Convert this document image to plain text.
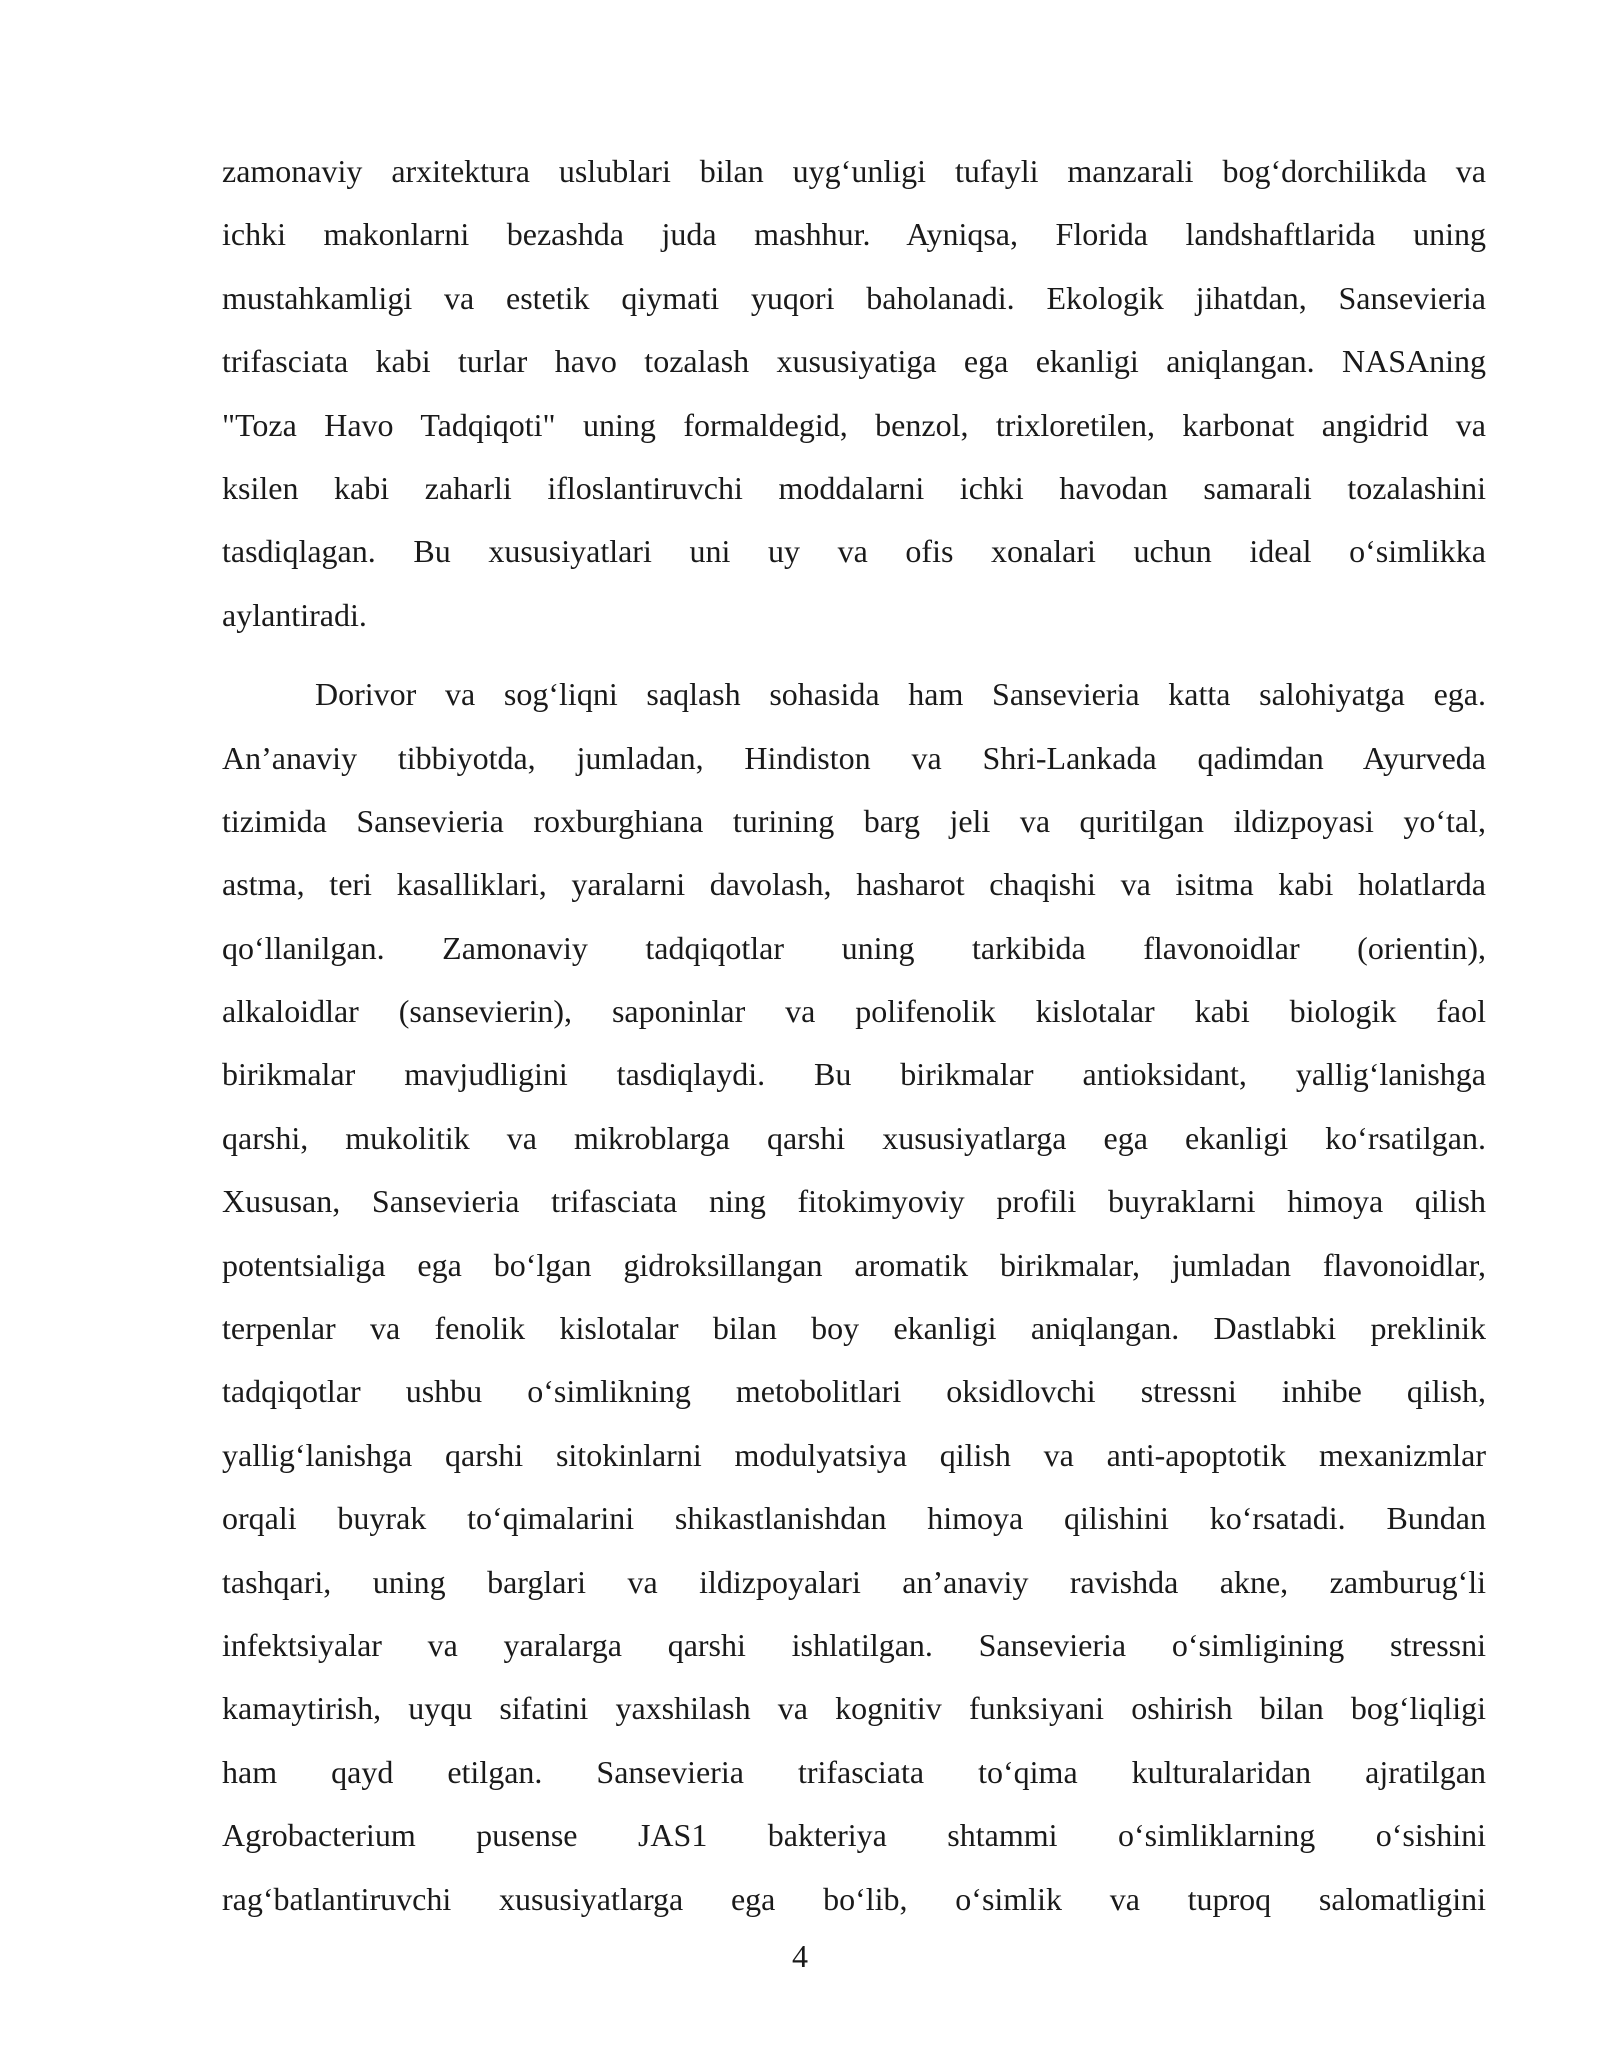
zamonaviy arxitektura uslublari bilan uyg‘unligi tufayli manzarali bog‘dorchilikda va
ichki makonlarni bezashda juda mashhur. Ayniqsa, Florida landshaftlarida uning
mustahkamligi va estetik qiymati yuqori baholanadi. Ekologik jihatdan, Sansevieria
trifasciata kabi turlar havo tozalash xususiyatiga ega ekanligi aniqlangan. NASAning
"Toza Havo Tadqiqoti" uning formaldegid, benzol, trixloretilen, karbonat angidrid va
ksilen kabi zaharli ifloslantiruvchi moddalarni ichki havodan samarali tozalashini
tasdiqlagan. Bu xususiyatlari uni uy va ofis xonalari uchun ideal o‘simlikka
aylantiradi.
Dorivor va sog‘liqni saqlash sohasida ham Sansevieria katta salohiyatga ega.
An’anaviy tibbiyotda, jumladan, Hindiston va Shri-Lankada qadimdan Ayurveda
tizimida Sansevieria roxburghiana turining barg jeli va quritilgan ildizpoyasi yo‘tal,
astma, teri kasalliklari, yaralarni davolash, hasharot chaqishi va isitma kabi holatlarda
qo‘llanilgan. Zamonaviy tadqiqotlar uning tarkibida flavonoidlar (orientin),
alkaloidlar (sansevierin), saponinlar va polifenolik kislotalar kabi biologik faol
birikmalar mavjudligini tasdiqlaydi. Bu birikmalar antioksidant, yallig‘lanishga
qarshi, mukolitik va mikroblarga qarshi xususiyatlarga ega ekanligi ko‘rsatilgan.
Xususan, Sansevieria trifasciata ning fitokimyoviy profili buyraklarni himoya qilish
potentsialiga ega bo‘lgan gidroksillangan aromatik birikmalar, jumladan flavonoidlar,
terpenlar va fenolik kislotalar bilan boy ekanligi aniqlangan. Dastlabki preklinik
tadqiqotlar ushbu o‘simlikning metobolitlari oksidlovchi stressni inhibe qilish,
yallig‘lanishga qarshi sitokinlarni modulyatsiya qilish va anti-apoptotik mexanizmlar
orqali buyrak to‘qimalarini shikastlanishdan himoya qilishini ko‘rsatadi. Bundan
tashqari, uning barglari va ildizpoyalari an’anaviy ravishda akne, zamburug‘li
infektsiyalar va yaralarga qarshi ishlatilgan. Sansevieria o‘simligining stressni
kamaytirish, uyqu sifatini yaxshilash va kognitiv funksiyani oshirish bilan bog‘liqligi
ham qayd etilgan. Sansevieria trifasciata to‘qima kulturalaridan ajratilgan
Agrobacterium pusense JAS1 bakteriya shtammi o‘simliklarning o‘sishini
rag‘batlantiruvchi xususiyatlarga ega bo‘lib, o‘simlik va tuproq salomatligini
4
